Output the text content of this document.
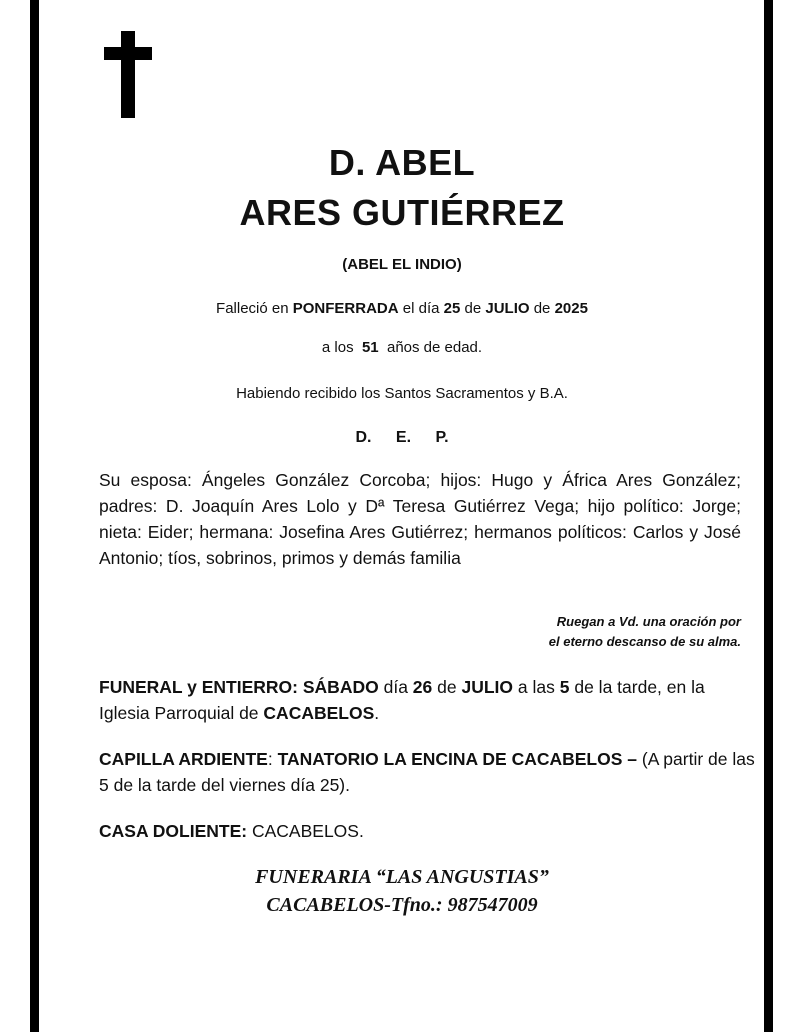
D. ABEL
ARES GUTIÉRREZ
(ABEL EL INDIO)
Falleció en PONFERRADA el día 25 de JULIO de 2025
a los 51 años de edad.
Habiendo recibido los Santos Sacramentos y B.A.
D. E. P.
Su esposa: Ángeles González Corcoba; hijos: Hugo y África Ares González; padres: D. Joaquín Ares Lolo y Dª Teresa Gutiérrez Vega; hijo político: Jorge; nieta: Eider; hermana: Josefina Ares Gutiérrez; hermanos políticos: Carlos y José Antonio; tíos, sobrinos, primos y demás familia
Ruegan a Vd. una oración por
el eterno descanso de su alma.
FUNERAL y ENTIERRO: SÁBADO día 26 de JULIO a las 5 de la tarde, en la Iglesia Parroquial de CACABELOS.
CAPILLA ARDIENTE: TANATORIO LA ENCINA DE CACABELOS – (A partir de las 5 de la tarde del viernes día 25).
CASA DOLIENTE: CACABELOS.
FUNERARIA “LAS ANGUSTIAS”
CACABELOS-Tfno.: 987547009
